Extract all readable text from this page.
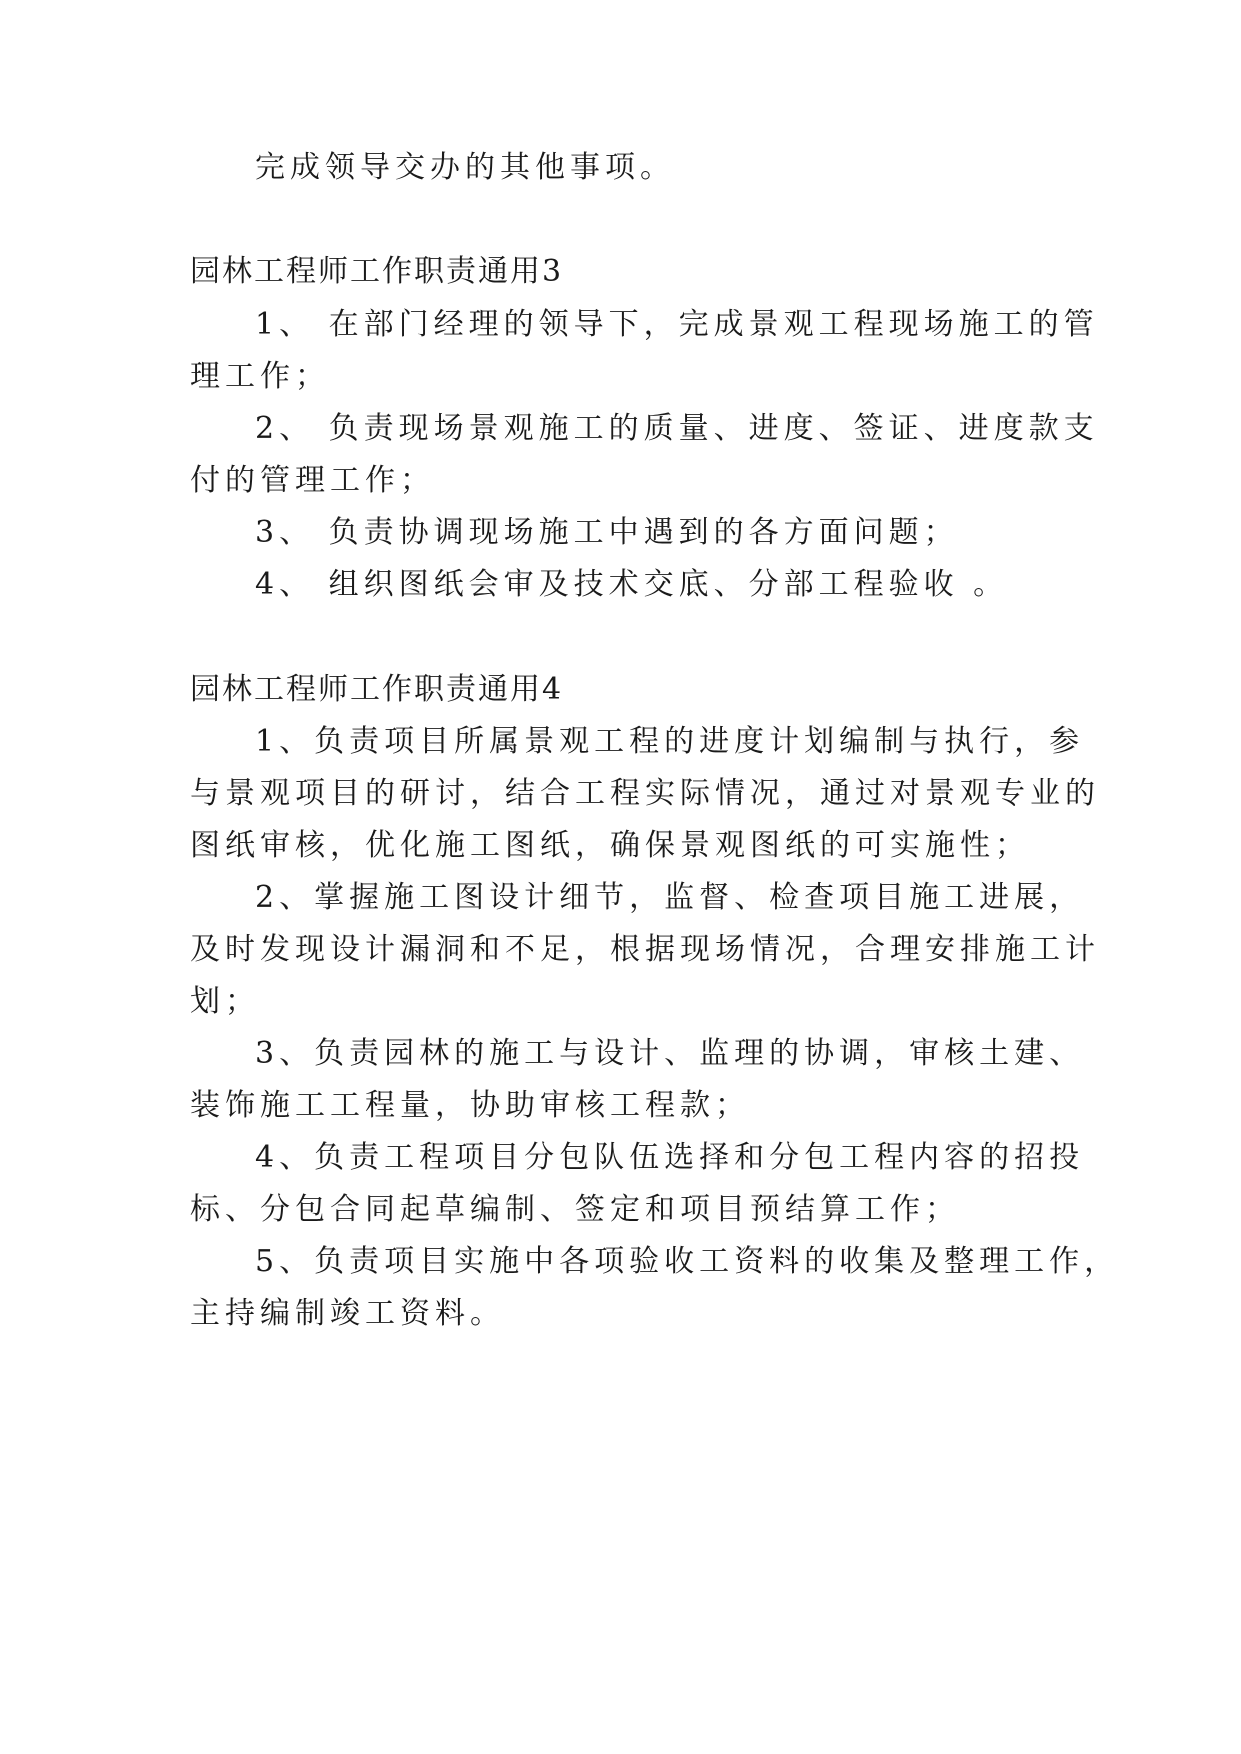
完成领导交办的其他事项。
园林工程师工作职责通用3
1、 在部门经理的领导下，完成景观工程现场施工的管
理工作；
2、 负责现场景观施工的质量、进度、签证、进度款支
付的管理工作；
3、 负责协调现场施工中遇到的各方面问题；
4、 组织图纸会审及技术交底、分部工程验收 。
园林工程师工作职责通用4
1、负责项目所属景观工程的进度计划编制与执行，参
与景观项目的研讨，结合工程实际情况，通过对景观专业的
图纸审核，优化施工图纸，确保景观图纸的可实施性；
2、掌握施工图设计细节，监督、检查项目施工进展，
及时发现设计漏洞和不足，根据现场情况，合理安排施工计
划；
3、负责园林的施工与设计、监理的协调，审核土建、
装饰施工工程量，协助审核工程款；
4、负责工程项目分包队伍选择和分包工程内容的招投
标、分包合同起草编制、签定和项目预结算工作；
5、负责项目实施中各项验收工资料的收集及整理工作，
主持编制竣工资料。
